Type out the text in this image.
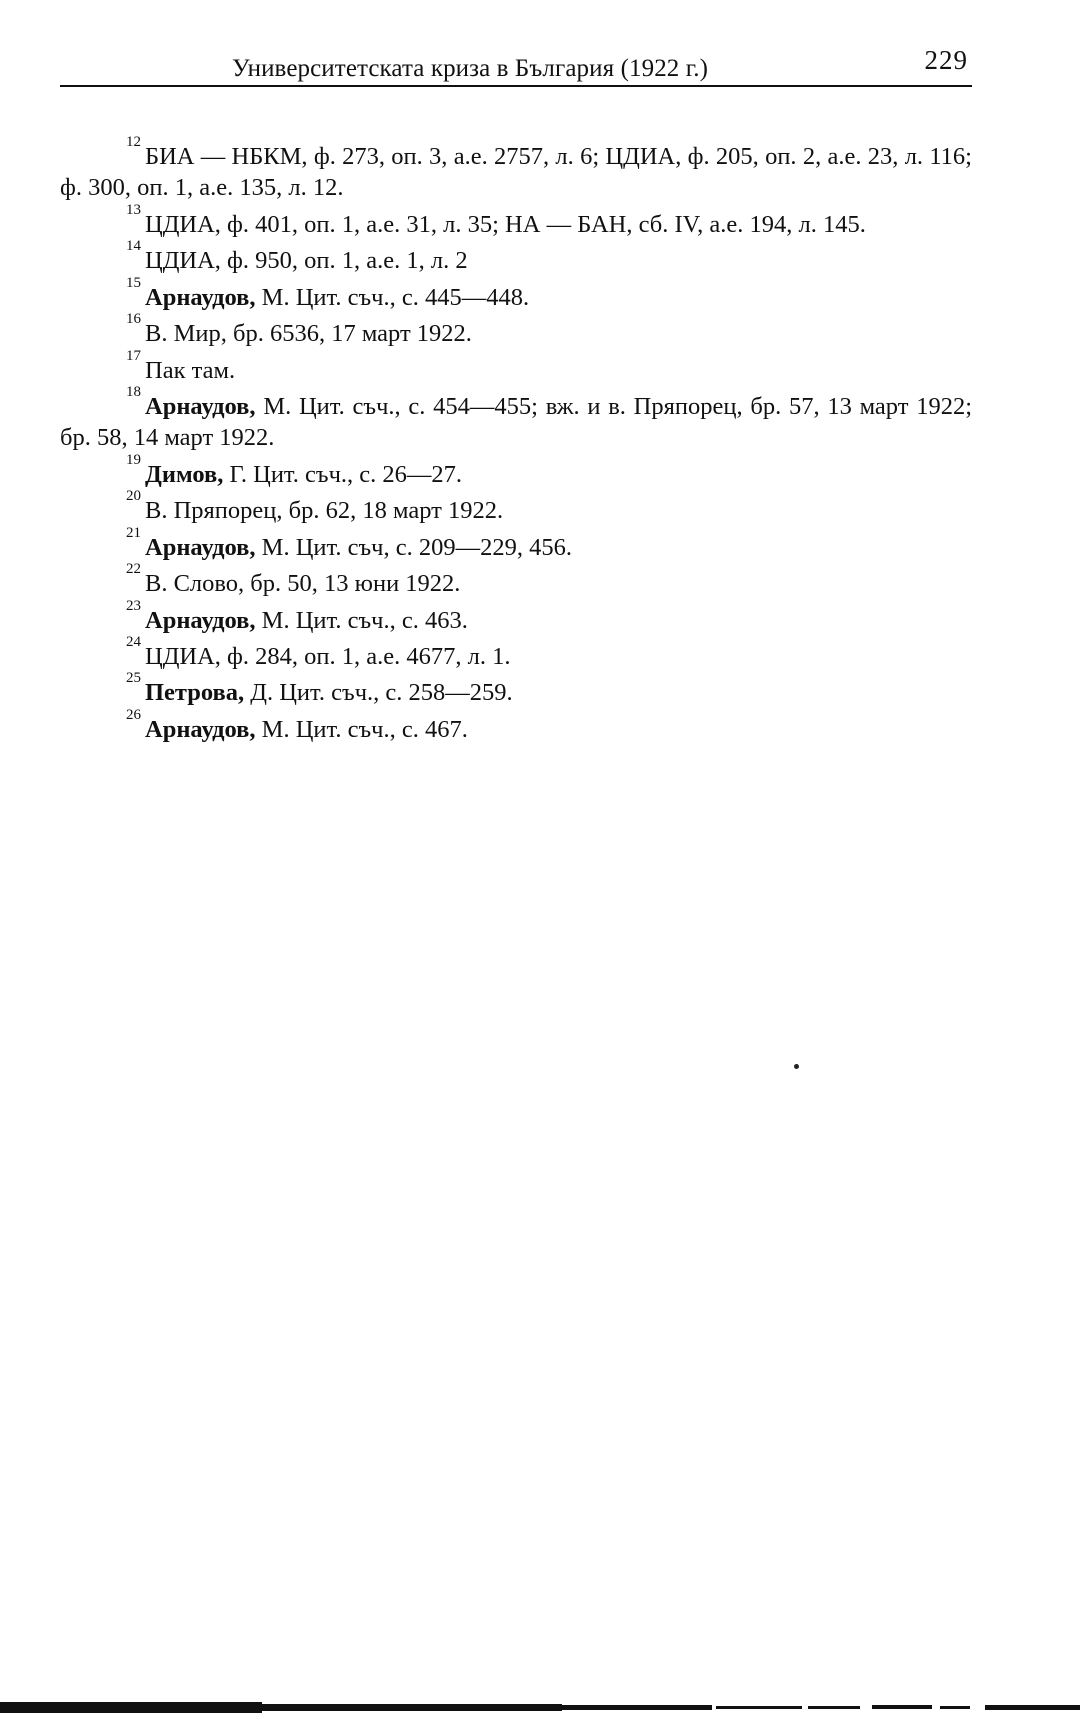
Университетската криза в България (1922 г.)	229

$^{12}$БИА — НБКМ, ф. 273, оп. 3, а.е. 2757, л. 6; ЦДИА, ф. 205, оп. 2, а.е. 23, л. 116; ф. 300, оп. 1, а.е. 135, л. 12.

$^{13}$ЦДИА, ф. 401, оп. 1, а.е. 31, л. 35; НА — БАН, сб. IV, а.е. 194, л. 145.

$^{14}$ЦДИА, ф. 950, оп. 1, а.е. 1, л. 2

$^{15}$Арнаудов, М. Цит. съч., с. 445—448.

$^{16}$В. Мир, бр. 6536, 17 март 1922.

$^{17}$Пак там.

$^{18}$Арнаудов, М. Цит. съч., с. 454—455; вж. и в. Пряпорец, бр. 57, 13 март 1922; бр. 58, 14 март 1922.

$^{19}$Димов, Г. Цит. съч., с. 26—27.

$^{20}$В. Пряпорец, бр. 62, 18 март 1922.

$^{21}$Арнаудов, М. Цит. съч, с. 209—229, 456.

$^{22}$В. Слово, бр. 50, 13 юни 1922.

$^{23}$Арнаудов, М. Цит. съч., с. 463.

$^{24}$ЦДИА, ф. 284, оп. 1, а.е. 4677, л. 1.

$^{25}$Петрова, Д. Цит. съч., с. 258—259.

$^{26}$Арнаудов, М. Цит. съч., с. 467.
